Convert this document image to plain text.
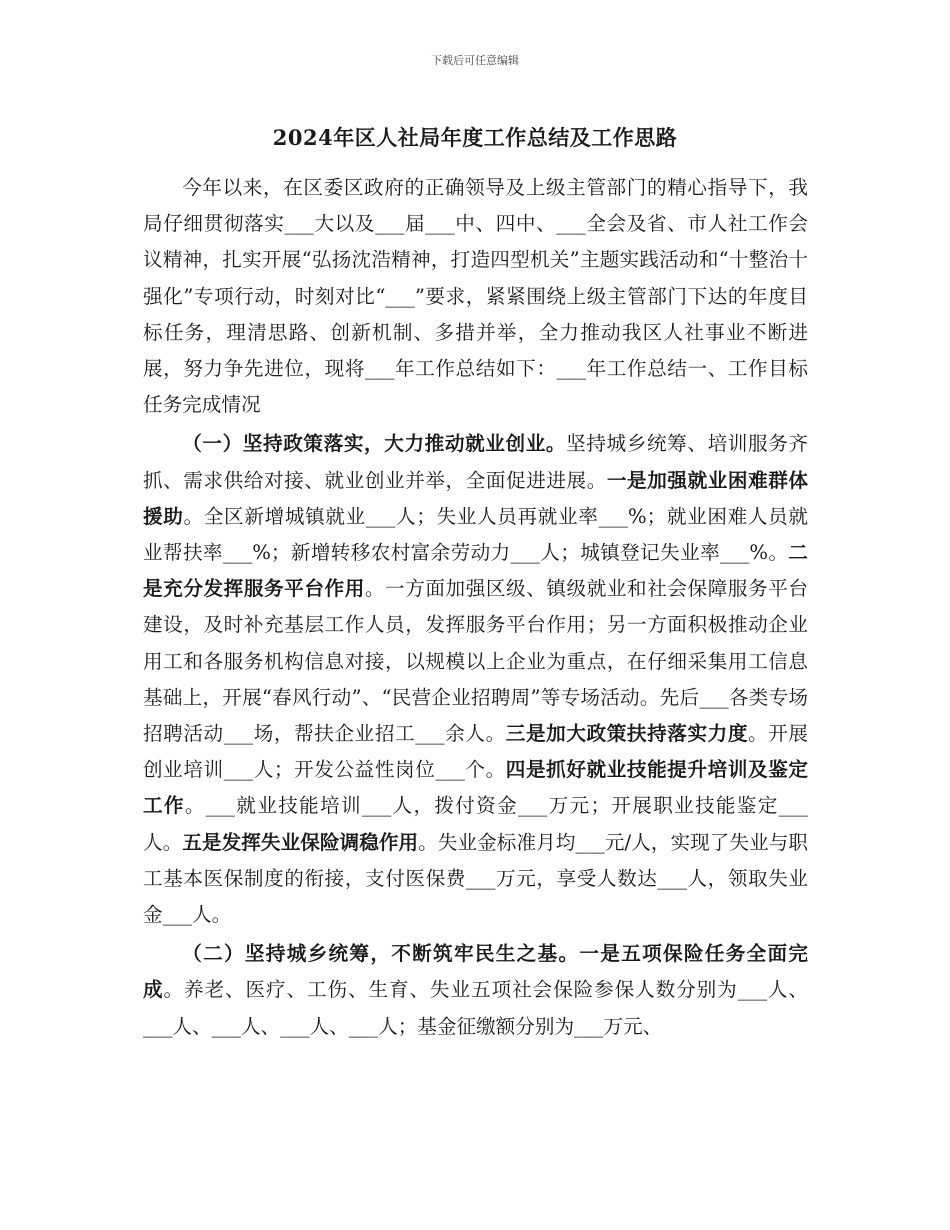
下载后可任意编辑
2024年区人社局年度工作总结及工作思路

今年以来，在区委区政府的正确领导及上级主管部门的精心指导下，我局仔细贯彻落实___大以及___届___中、四中、___全会及省、市人社工作会议精神，扎实开展“弘扬沈浩精神，打造四型机关”主题实践活动和“十整治十强化”专项行动，时刻对比“___”要求，紧紧围绕上级主管部门下达的年度目标任务，理清思路、创新机制、多措并举，全力推动我区人社事业不断进展，努力争先进位，现将___年工作总结如下：___年工作总结一、工作目标任务完成情况

（一）坚持政策落实，大力推动就业创业。坚持城乡统筹、培训服务齐抓、需求供给对接、就业创业并举，全面促进进展。一是加强就业困难群体援助。全区新增城镇就业___人；失业人员再就业率___%；就业困难人员就业帮扶率___%；新增转移农村富余劳动力___人；城镇登记失业率___%。二是充分发挥服务平台作用。一方面加强区级、镇级就业和社会保障服务平台建设，及时补充基层工作人员，发挥服务平台作用；另一方面积极推动企业用工和各服务机构信息对接，以规模以上企业为重点，在仔细采集用工信息基础上，开展“春风行动”、“民营企业招聘周”等专场活动。先后___各类专场招聘活动___场，帮扶企业招工___余人。三是加大政策扶持落实力度。开展创业培训___人；开发公益性岗位___个。四是抓好就业技能提升培训及鉴定工作。___就业技能培训___人，拨付资金___万元；开展职业技能鉴定___人。五是发挥失业保险调稳作用。失业金标准月均___元/人，实现了失业与职工基本医保制度的衔接，支付医保费___万元，享受人数达___人，领取失业金___人。

（二）坚持城乡统筹，不断筑牢民生之基。一是五项保险任务全面完成。养老、医疗、工伤、生育、失业五项社会保险参保人数分别为___人、___人、___人、___人、___人；基金征缴额分别为___万元、
